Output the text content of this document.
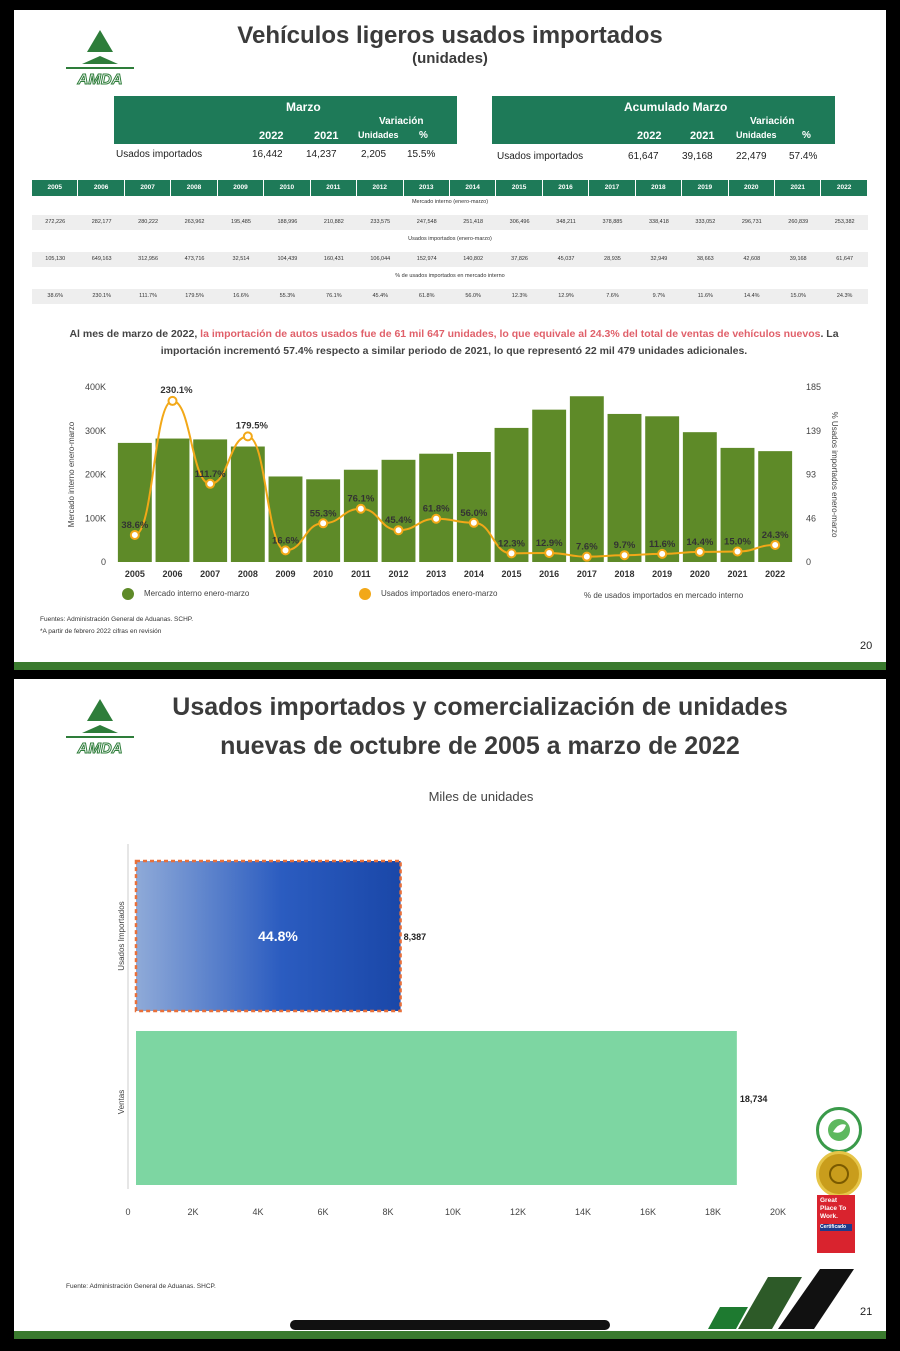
AMDA
Vehículos ligeros usados importados
(unidades)
Marzo
Variación
2022	2021 Unidades %
Usados importados	16,442 14,237 2,205 15.5%
Acumulado Marzo
Variación
2022	2021 Unidades	%
Usados importados	61,647 39,168 22,479 57.4%
2005	2006	2007	2008	2009	2010	2011	2012	2013	2014	2015	2016	2017	2018	2019	2020	2021	2022
Mercado interno (enero-marzo)
272,226	282,177	280,222	263,962	195,485	188,996	210,882	233,575	247,548	251,418	306,496	348,211	378,885	338,418	333,052	296,731	260,839	253,382
Usados importados (enero-marzo)
105,130	649,163	312,956	473,716	32,514	104,439	160,431	106,044	152,974	140,802	37,826	45,037	28,935	32,949	38,663	42,608	39,168	61,647
% de usados importados en mercado interno
38.6%	230.1%	111.7%	179.5%	16.6%	55.3%	76.1%	45.4%	61.8%	56.0%	12.3%	12.9%	7.6%	9.7%	11.6%	14.4%	15.0%	24.3%
Al mes de marzo de 2022, la importación de autos usados fue de 61 mil 647 unidades, lo que equivale al 24.3% del total de ventas de vehículos nuevos. La importación incrementó 57.4% respecto a similar periodo de 2021, lo que representó 22 mil 479 unidades adicionales.
400K
300K
200K
100K
0
185
139
93
46
0
Mercado interno enero-marzo	% Usados importados enero-marzo
2005 2006 2007 2008 2009 2010 2011 2012 2013 2014 2015 2016 2017 2018 2019 2020 2021 2022
38.6%
230.1%
111.7%
179.5%
16.6%
55.3%
76.1%
45.4%
61.8% 56.0%
12.3% 12.9% 7.6% 9.7% 11.6% 14.4% 15.0%
24.3%
Mercado interno enero-marzo	Usados importados enero-marzo	% de usados importados en mercado interno
Fuentes: Administración General de Aduanas. SCHP.
*A partir de febrero 2022 cifras en revisión
20
AMDA
Usados importados y comercialización de unidades
nuevas de octubre de 2005 a marzo de 2022
Miles de unidades
44.8%	8,387
18,734
Usados Importados
Ventas
0	2K	4K	6K	8K	10K	12K	14K	16K	18K	20K
Great Place To Work.
Certificado
Fuente: Administración General de Aduanas. SHCP.
21
